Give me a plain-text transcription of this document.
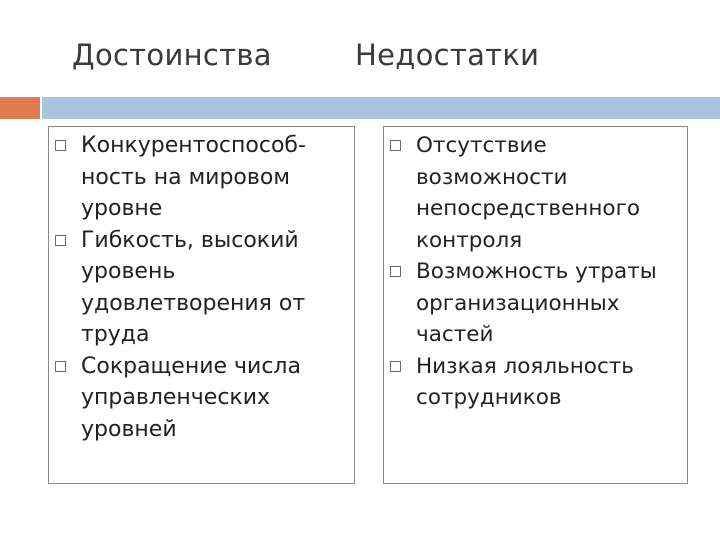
Достоинства	Недостатки
Конкурентоспособ-
ность на мировом
уровне
Гибкость, высокий
уровень
удовлетворения от
труда
Сокращение числа
управленческих
уровней
Отсутствие
возможности
непосредственного
контроля
Возможность утраты
организационных
частей
Низкая лояльность
сотрудников
